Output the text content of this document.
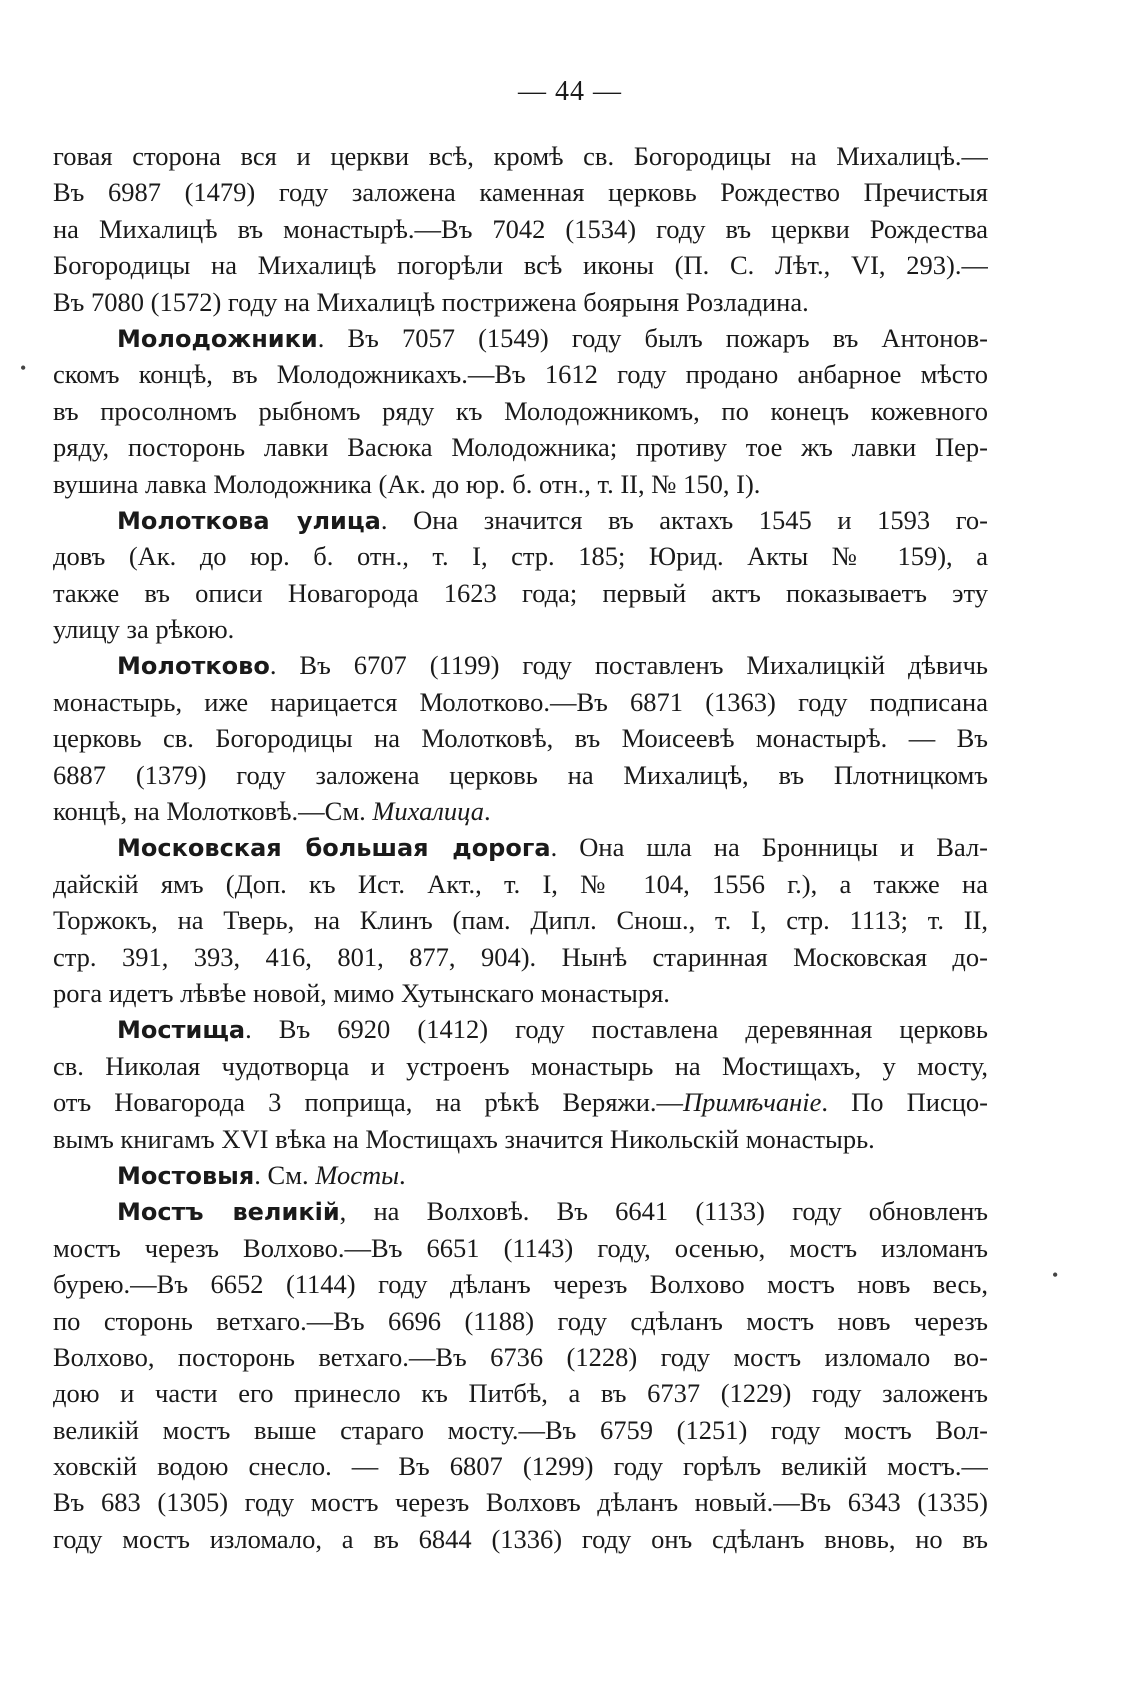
— 44 —
говая сторона вся и церкви всѣ, кромѣ св. Богородицы на Михалицѣ.—
Въ 6987 (1479) году заложена каменная церковь Рождество Пречистыя
на Михалицѣ въ монастырѣ.—Въ 7042 (1534) году въ церкви Рождества
Богородицы на Михалицѣ погорѣли всѣ иконы (П. С. Лѣт., VI, 293).—
Въ 7080 (1572) году на Михалицѣ пострижена боярыня Розладина.
Молодожники. Въ 7057 (1549) году былъ пожаръ въ Антонов-
скомъ концѣ, въ Молодожникахъ.—Въ 1612 году продано анбарное мѣсто
въ просолномъ рыбномъ ряду къ Молодожникомъ, по конецъ кожевного
ряду, посторонь лавки Васюка Молодожника; противу тое жъ лавки Пер-
вушина лавка Молодожника (Ак. до юр. б. отн., т. II, № 150, I).
Молоткова улица. Она значится въ актахъ 1545 и 1593 го-
довъ (Ак. до юр. б. отн., т. I, стр. 185; Юрид. Акты № 159), а
также въ описи Новагорода 1623 года; первый актъ показываетъ эту
улицу за рѣкою.
Молотково. Въ 6707 (1199) году поставленъ Михалицкій дѣвичь
монастырь, иже нарицается Молотково.—Въ 6871 (1363) году подписана
церковь св. Богородицы на Молотковѣ, въ Моисеевѣ монастырѣ. — Въ
6887 (1379) году заложена церковь на Михалицѣ, въ Плотницкомъ
концѣ, на Молотковѣ.—См. Михалица.
Московская большая дорога. Она шла на Бронницы и Вал-
дайскій ямъ (Доп. къ Ист. Акт., т. I, № 104, 1556 г.), а также на
Торжокъ, на Тверь, на Клинъ (пам. Дипл. Снош., т. I, стр. 1113; т. II,
стр. 391, 393, 416, 801, 877, 904). Нынѣ старинная Московская до-
рога идетъ лѣвѣе новой, мимо Хутынскаго монастыря.
Мостища. Въ 6920 (1412) году поставлена деревянная церковь
св. Николая чудотворца и устроенъ монастырь на Мостищахъ, у мосту,
отъ Новагорода 3 поприща, на рѣкѣ Веряжи.—Примѣчаніе. По Писцо-
вымъ книгамъ XVI вѣка на Мостищахъ значится Никольскій монастырь.
Мостовыя. См. Мосты.
Мостъ великій, на Волховѣ. Въ 6641 (1133) году обновленъ
мостъ черезъ Волхово.—Въ 6651 (1143) году, осенью, мостъ изломанъ
бурею.—Въ 6652 (1144) году дѣланъ черезъ Волхово мостъ новъ весь,
по сторонь ветхаго.—Въ 6696 (1188) году сдѣланъ мостъ новъ черезъ
Волхово, посторонь ветхаго.—Въ 6736 (1228) году мостъ изломало во-
дою и части его принесло къ Питбѣ, а въ 6737 (1229) году заложенъ
великій мостъ выше стараго мосту.—Въ 6759 (1251) году мостъ Вол-
ховскій водою снесло. — Въ 6807 (1299) году горѣлъ великій мостъ.—
Въ 683 (1305) году мостъ черезъ Волховъ дѣланъ новый.—Въ 6343 (1335)
году мостъ изломало, а въ 6844 (1336) году онъ сдѣланъ вновь, но въ
•
•
